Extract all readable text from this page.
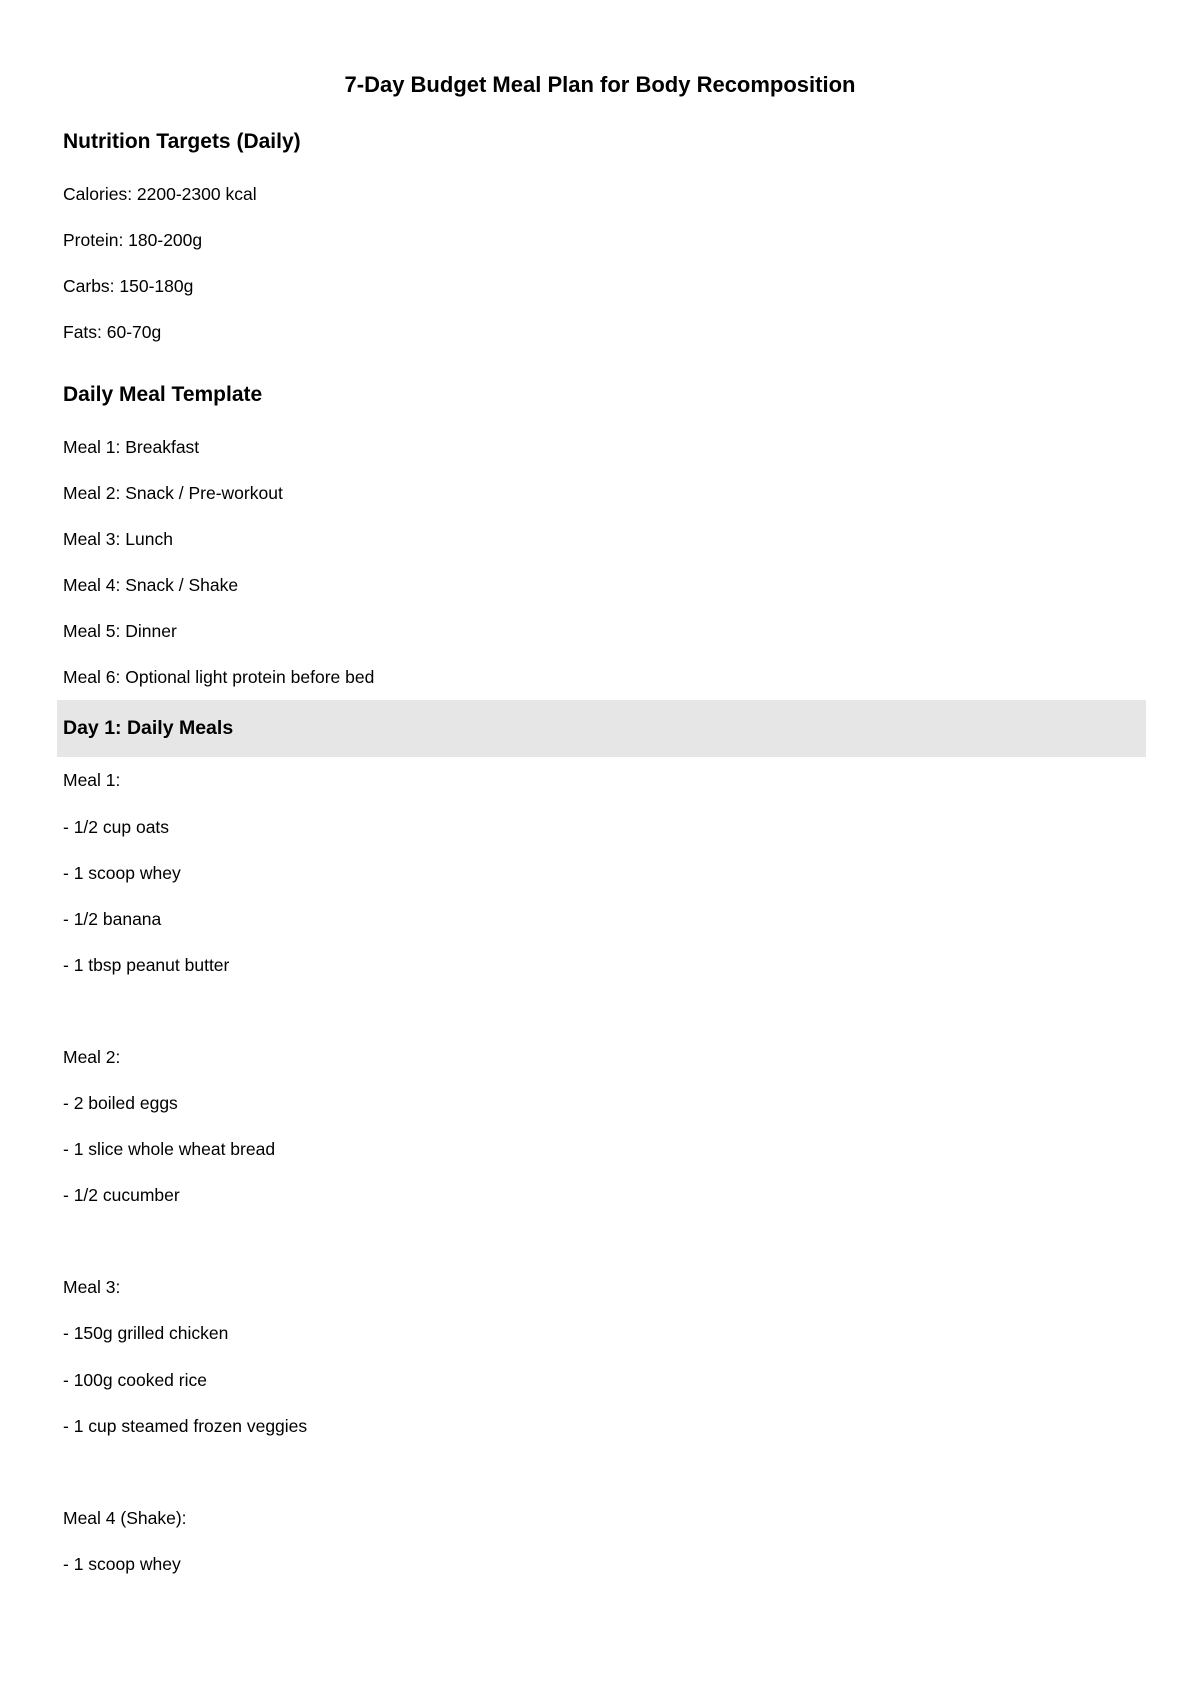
7-Day Budget Meal Plan for Body Recomposition
Nutrition Targets (Daily)
Calories: 2200-2300 kcal
Protein: 180-200g
Carbs: 150-180g
Fats: 60-70g
Daily Meal Template
Meal 1: Breakfast
Meal 2: Snack / Pre-workout
Meal 3: Lunch
Meal 4: Snack / Shake
Meal 5: Dinner
Meal 6: Optional light protein before bed
Day 1: Daily Meals
Meal 1:
- 1/2 cup oats
- 1 scoop whey
- 1/2 banana
- 1 tbsp peanut butter
Meal 2:
- 2 boiled eggs
- 1 slice whole wheat bread
- 1/2 cucumber
Meal 3:
- 150g grilled chicken
- 100g cooked rice
- 1 cup steamed frozen veggies
Meal 4 (Shake):
- 1 scoop whey
